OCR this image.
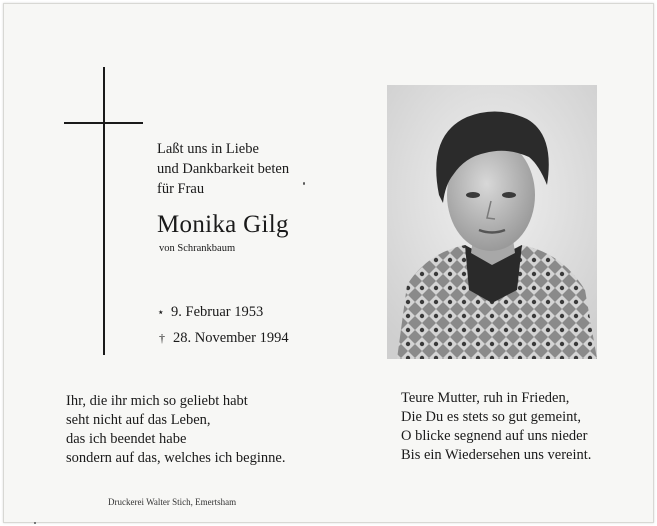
Laßt uns in Liebe
und Dankbarkeit beten
für Frau
Monika Gilg
von Schrankbaum
⋆ 9. Februar 1953
† 28. November 1994
Ihr, die ihr mich so geliebt habt
seht nicht auf das Leben,
das ich beendet habe
sondern auf das, welches ich beginne.
Teure Mutter, ruh in Frieden,
Die Du es stets so gut gemeint,
O blicke segnend auf uns nieder
Bis ein Wiedersehen uns vereint.
Druckerei Walter Stich, Emertsham
